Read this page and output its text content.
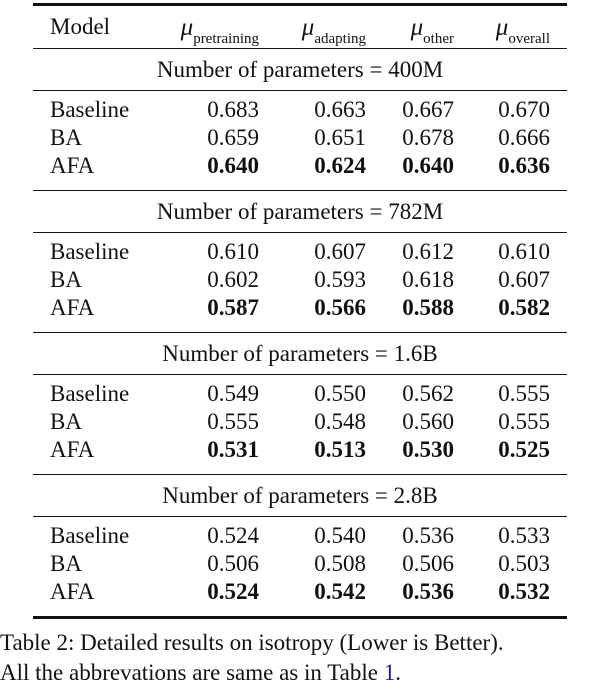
Model	$\mu_{pretraining}$ $\mu_{adapting}$ $\mu_{other}$ $\mu_{overall}$
Number of parameters = 400M
Baseline	0.683 0.663 0.667 0.670
BA	0.659 0.651 0.678 0.666
AFA	0.640 0.624 0.640 0.636
Number of parameters = 782M
Baseline	0.610 0.607 0.612 0.610
BA	0.602 0.593 0.618 0.607
AFA	0.587 0.566 0.588 0.582
Number of parameters = 1.6B
Baseline	0.549 0.550 0.562 0.555
BA	0.555 0.548 0.560 0.555
AFA	0.531 0.513 0.530 0.525
Number of parameters = 2.8B
Baseline	0.524 0.540 0.536 0.533
BA	0.506 0.508 0.506 0.503
AFA	0.524 0.542 0.536 0.532
Table 2: Detailed results on isotropy (Lower is Better).
All the abbrevations are same as in Table 1.
